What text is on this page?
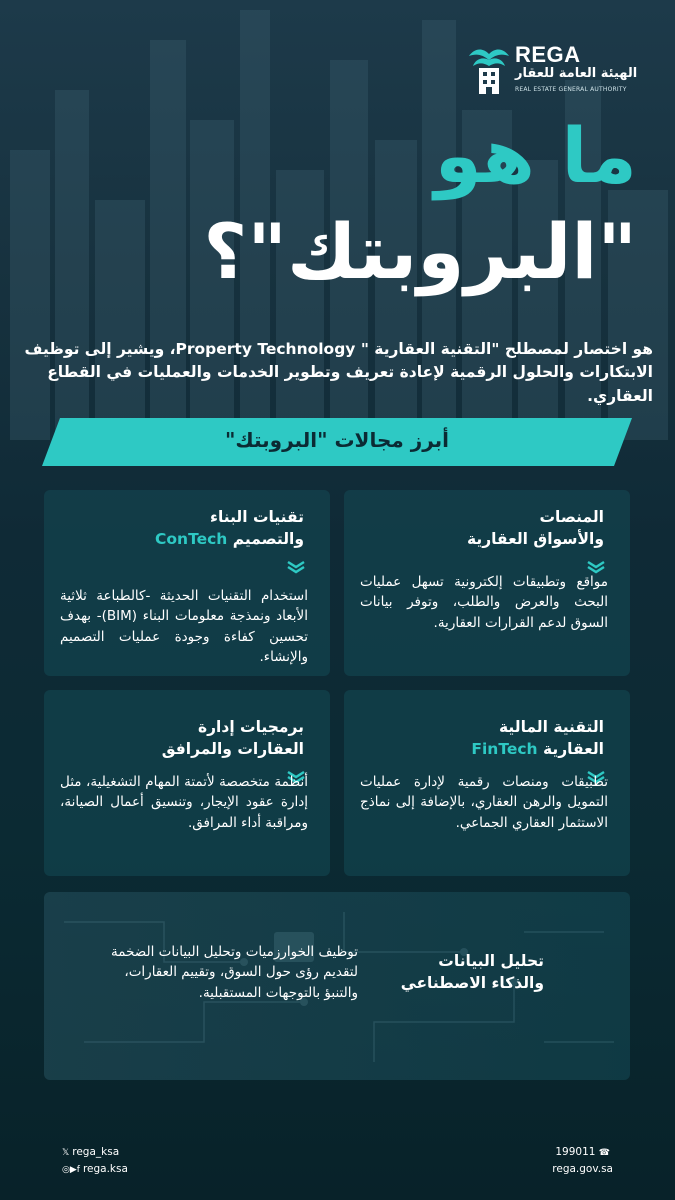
REGA
الهيئة العامة للعقار
REAL ESTATE GENERAL AUTHORITY
ما هو
"البروبتك"؟
هو اختصار لمصطلح "التقنية العقارية " Property Technology، ويشير إلى توظيف الابتكارات والحلول الرقمية لإعادة تعريف وتطوير الخدمات والعمليات في القطاع العقاري.
أبرز مجالات "البروبتك"
تقنيات البناء
والتصميم ConTech
استخدام التقنيات الحديثة -كالطباعة ثلاثية الأبعاد ونمذجة معلومات البناء (BIM)- بهدف تحسين كفاءة وجودة عمليات التصميم والإنشاء.
المنصات
والأسواق العقارية
مواقع وتطبيقات إلكترونية تسهل عمليات البحث والعرض والطلب، وتوفر بيانات السوق لدعم القرارات العقارية.
برمجيات إدارة
العقارات والمرافق
أنظمة متخصصة لأتمتة المهام التشغيلية، مثل إدارة عقود الإيجار، وتنسيق أعمال الصيانة، ومراقبة أداء المرافق.
التقنية المالية
العقارية FinTech
تطبيقات ومنصات رقمية لإدارة عمليات التمويل والرهن العقاري، بالإضافة إلى نماذج الاستثمار العقاري الجماعي.
تحليل البيانات
والذكاء الاصطناعي
توظيف الخوارزميات وتحليل البيانات الضخمة لتقديم رؤى حول السوق، وتقييم العقارات، والتنبؤ بالتوجهات المستقبلية.
𝕏 rega_ksa
◎▶f rega.ksa
199011 ☎
rega.gov.sa
